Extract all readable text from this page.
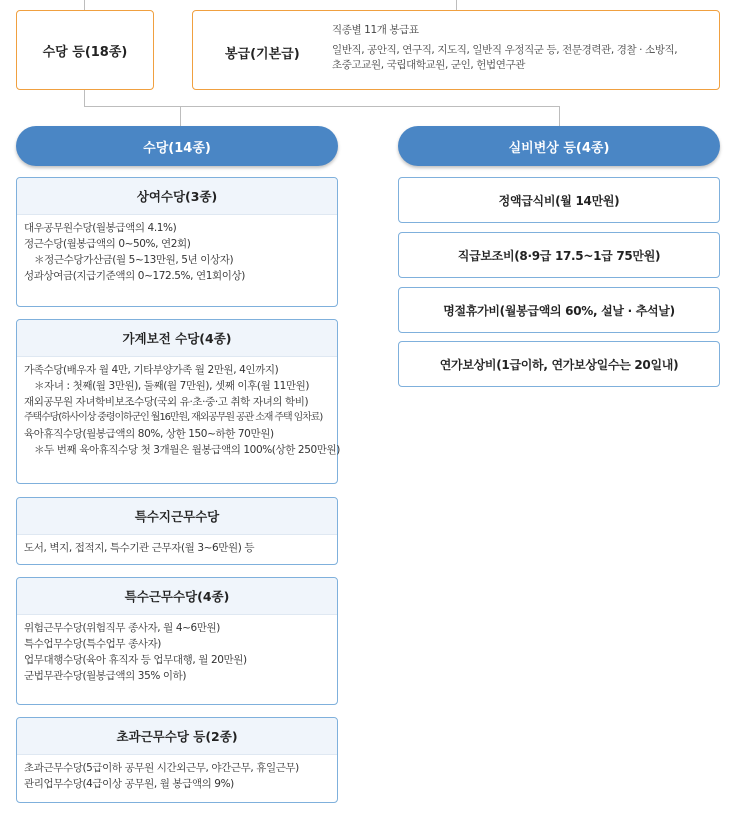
수당 등(18종)	봉급(기본급)
직종별 11개 봉급표
일반직, 공안직, 연구직, 지도직, 일반직 우정직군 등, 전문경력관, 경찰 · 소방직,
초중고교원, 국립대학교원, 군인, 헌법연구관
수당(14종)	실비변상 등(4종)
상여수당(3종)
대우공무원수당(월봉급액의 4.1%)
정근수당(월봉급액의 0~50%, 연2회)
＊정근수당가산금(월 5~13만원, 5년 이상자)
성과상여금(지급기준액의 0~172.5%, 연1회이상)
가계보전 수당(4종)
가족수당(배우자 월 4만, 기타부양가족 월 2만원, 4인까지)
＊자녀 : 첫째(월 3만원), 둘째(월 7만원), 셋째 이후(월 11만원)
재외공무원 자녀학비보조수당(국외 유·초·중·고 취학 자녀의 학비)
주택수당(하사이상 중령이하군인 월16만원, 재외공무원 공관 소재 주택 임차료)
육아휴직수당(월봉급액의 80%, 상한 150~하한 70만원)
＊두 번째 육아휴직수당 첫 3개월은 월봉급액의 100%(상한 250만원)
특수지근무수당
도서, 벽지, 접적지, 특수기관 근무자(월 3~6만원) 등
특수근무수당(4종)
위험근무수당(위험직무 종사자, 월 4~6만원)
특수업무수당(특수업무 종사자)
업무대행수당(육아 휴직자 등 업무대행, 월 20만원)
군법무관수당(월봉급액의 35% 이하)
초과근무수당 등(2종)
초과근무수당(5급이하 공무원 시간외근무, 야간근무, 휴일근무)
관리업무수당(4급이상 공무원, 월 봉급액의 9%)
정액급식비(월 14만원)
직급보조비(8·9급 17.5~1급 75만원)
명절휴가비(월봉급액의 60%, 설날 · 추석날)
연가보상비(1급이하, 연가보상일수는 20일내)
